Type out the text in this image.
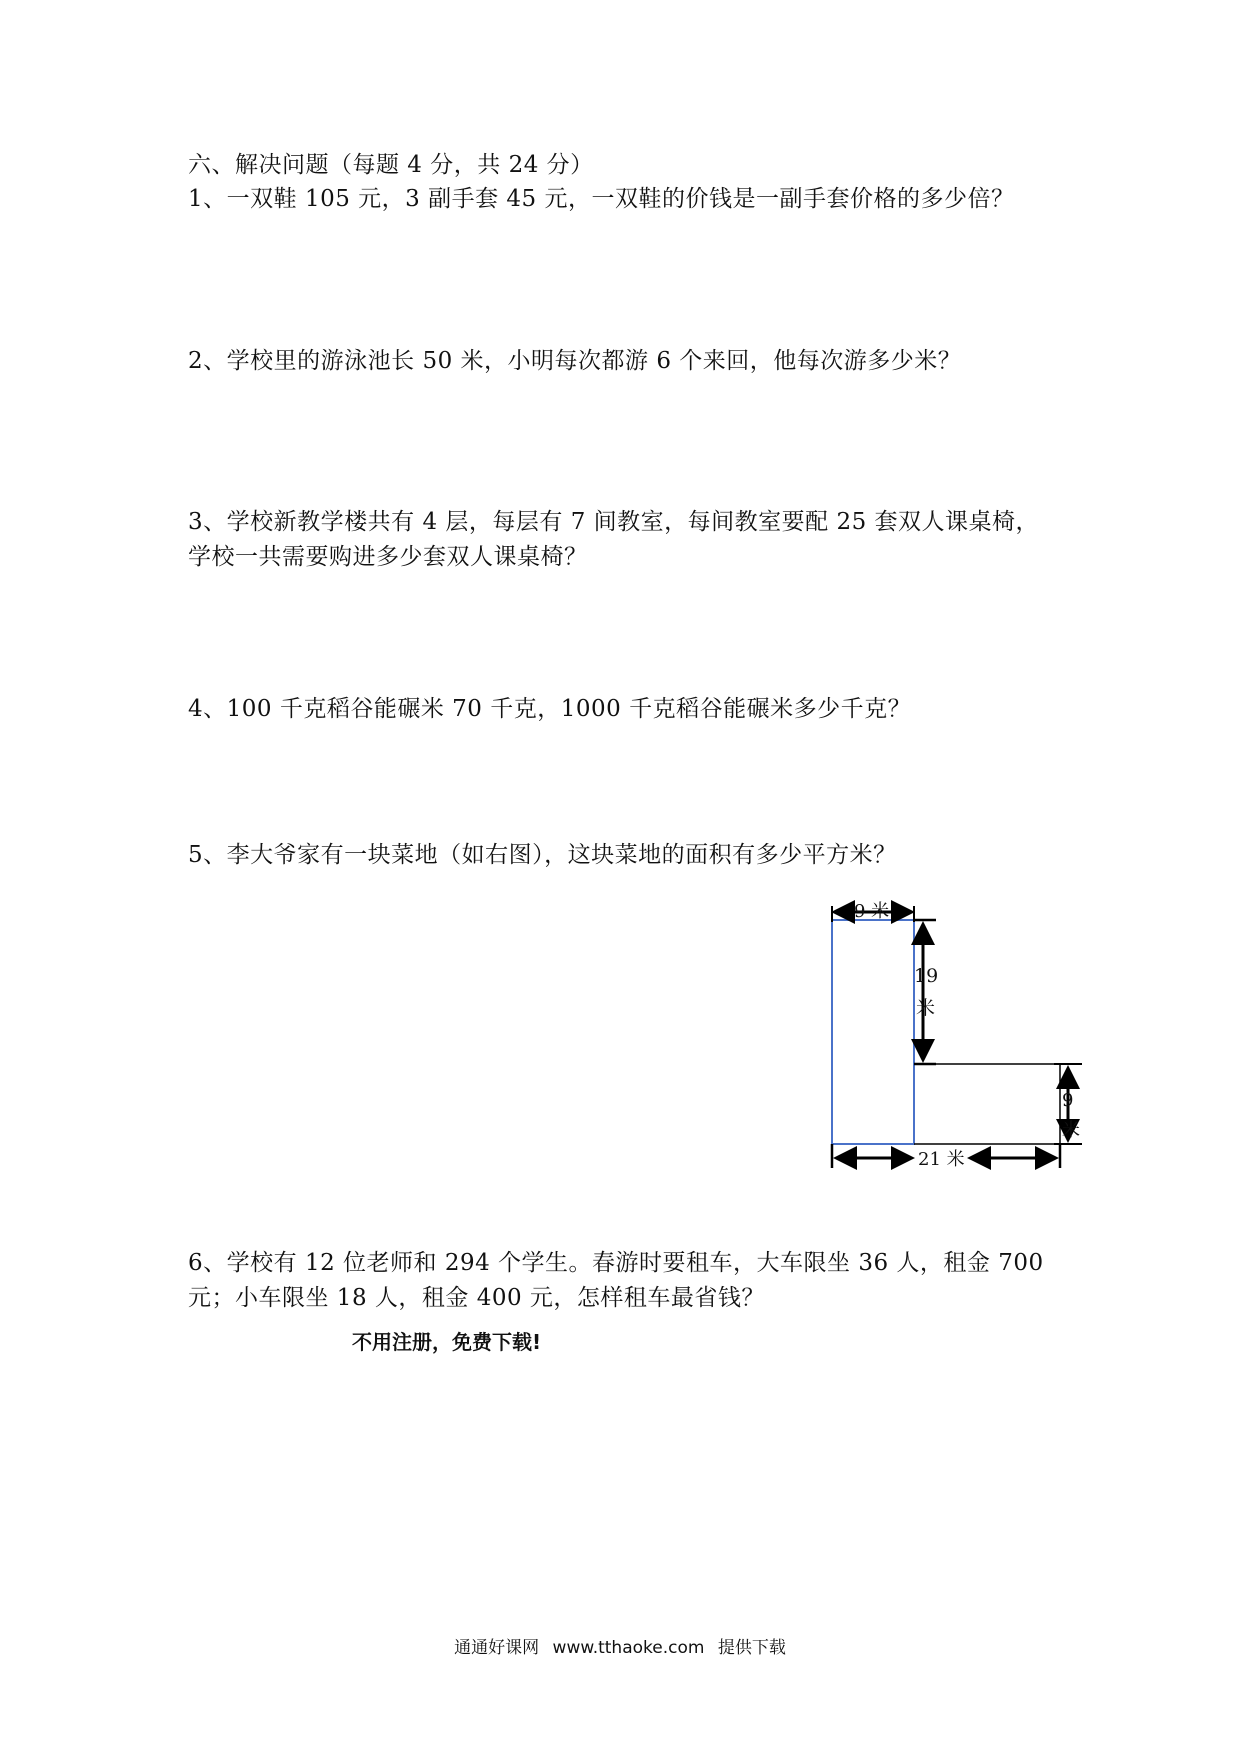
六、解决问题（每题 4 分，共 24 分）
1、一双鞋 105 元，3 副手套 45 元，一双鞋的价钱是一副手套价格的多少倍？
2、学校里的游泳池长 50 米，小明每次都游 6 个来回，他每次游多少米？
3、学校新教学楼共有 4 层，每层有 7 间教室，每间教室要配 25 套双人课桌椅，
学校一共需要购进多少套双人课桌椅？
4、100 千克稻谷能碾米 70 千克，1000 千克稻谷能碾米多少千克？
5、李大爷家有一块菜地（如右图），这块菜地的面积有多少平方米？
9 米
19
米
9
米
21 米
6、学校有 12 位老师和 294 个学生。春游时要租车，大车限坐 36 人，租金 700
元；小车限坐 18 人，租金 400 元，怎样租车最省钱？
不用注册，免费下载!
通通好课网 www.tthaoke.com 提供下载
